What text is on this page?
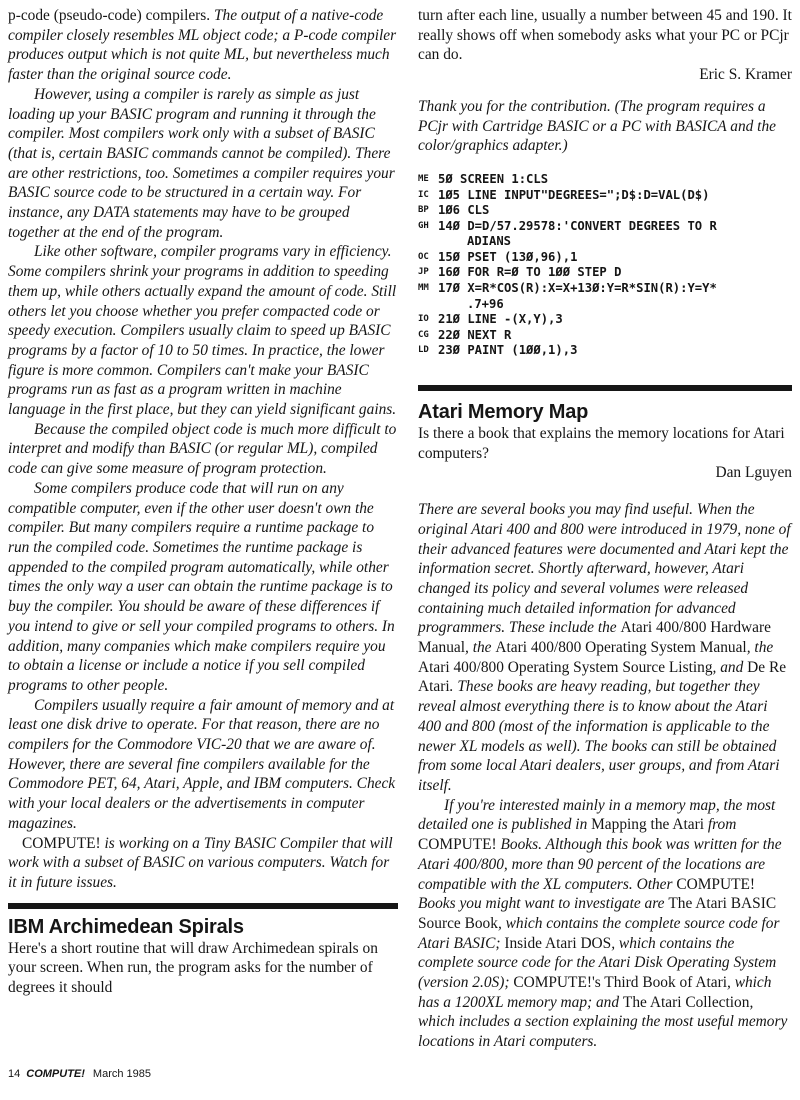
p-code (pseudo-code) compilers. The output of a native-code compiler closely resembles ML object code; a P-code compiler produces output which is not quite ML, but nevertheless much faster than the original source code.

However, using a compiler is rarely as simple as just loading up your BASIC program and running it through the compiler. Most compilers work only with a subset of BASIC (that is, certain BASIC commands cannot be compiled). There are other restrictions, too. Sometimes a compiler requires your BASIC source code to be structured in a certain way. For instance, any DATA statements may have to be grouped together at the end of the program.

Like other software, compiler programs vary in efficiency. Some compilers shrink your programs in addition to speeding them up, while others actually expand the amount of code. Still others let you choose whether you prefer compacted code or speedy execution. Compilers usually claim to speed up BASIC programs by a factor of 10 to 50 times. In practice, the lower figure is more common. Compilers can't make your BASIC programs run as fast as a program written in machine language in the first place, but they can yield significant gains.

Because the compiled object code is much more difficult to interpret and modify than BASIC (or regular ML), compiled code can give some measure of program protection.

Some compilers produce code that will run on any compatible computer, even if the other user doesn't own the compiler. But many compilers require a runtime package to run the compiled code. Sometimes the runtime package is appended to the compiled program automatically, while other times the only way a user can obtain the runtime package is to buy the compiler. You should be aware of these differences if you intend to give or sell your compiled programs to others. In addition, many companies which make compilers require you to obtain a license or include a notice if you sell compiled programs to other people.

Compilers usually require a fair amount of memory and at least one disk drive to operate. For that reason, there are no compilers for the Commodore VIC-20 that we are aware of. However, there are several fine compilers available for the Commodore PET, 64, Atari, Apple, and IBM computers. Check with your local dealers or the advertisements in computer magazines.

COMPUTE! is working on a Tiny BASIC Compiler that will work with a subset of BASIC on various computers. Watch for it in future issues.

IBM Archimedean Spirals

Here's a short routine that will draw Archimedean spirals on your screen. When run, the program asks for the number of degrees it should

turn after each line, usually a number between 45 and 190. It really shows off when somebody asks what your PC or PCjr can do.

Eric S. Kramer

Thank you for the contribution. (The program requires a PCjr with Cartridge BASIC or a PC with BASICA and the color/graphics adapter.)

ME 5Ø SCREEN 1:CLS
IC 1Ø5 LINE INPUT"DEGREES=";D$:D=VAL(D$)
BP 1Ø6 CLS
GH 14Ø D=D/57.29578:'CONVERT DEGREES TO R
ADIANS
OC 15Ø PSET (13Ø,96),1
JP 16Ø FOR R=Ø TO 1ØØ STEP D
MM 17Ø X=R*COS(R):X=X+13Ø:Y=R*SIN(R):Y=Y*
.7+96
IO 21Ø LINE -(X,Y),3
CG 22Ø NEXT R
LD 23Ø PAINT (1ØØ,1),3
Atari Memory Map

Is there a book that explains the memory locations for Atari computers?

Dan Lguyen

There are several books you may find useful. When the original Atari 400 and 800 were introduced in 1979, none of their advanced features were documented and Atari kept the information secret. Shortly afterward, however, Atari changed its policy and several volumes were released containing much detailed information for advanced programmers. These include the Atari 400/800 Hardware Manual, the Atari 400/800 Operating System Manual, the Atari 400/800 Operating System Source Listing, and De Re Atari. These books are heavy reading, but together they reveal almost everything there is to know about the Atari 400 and 800 (most of the information is applicable to the newer XL models as well). The books can still be obtained from some local Atari dealers, user groups, and from Atari itself.

If you're interested mainly in a memory map, the most detailed one is published in Mapping the Atari from COMPUTE! Books. Although this book was written for the Atari 400/800, more than 90 percent of the locations are compatible with the XL computers. Other COMPUTE! Books you might want to investigate are The Atari BASIC Source Book, which contains the complete source code for Atari BASIC; Inside Atari DOS, which contains the complete source code for the Atari Disk Operating System (version 2.0S); COMPUTE!'s Third Book of Atari, which has a 1200XL memory map; and The Atari Collection, which includes a section explaining the most useful memory locations in Atari computers.

14 COMPUTE! March 1985
